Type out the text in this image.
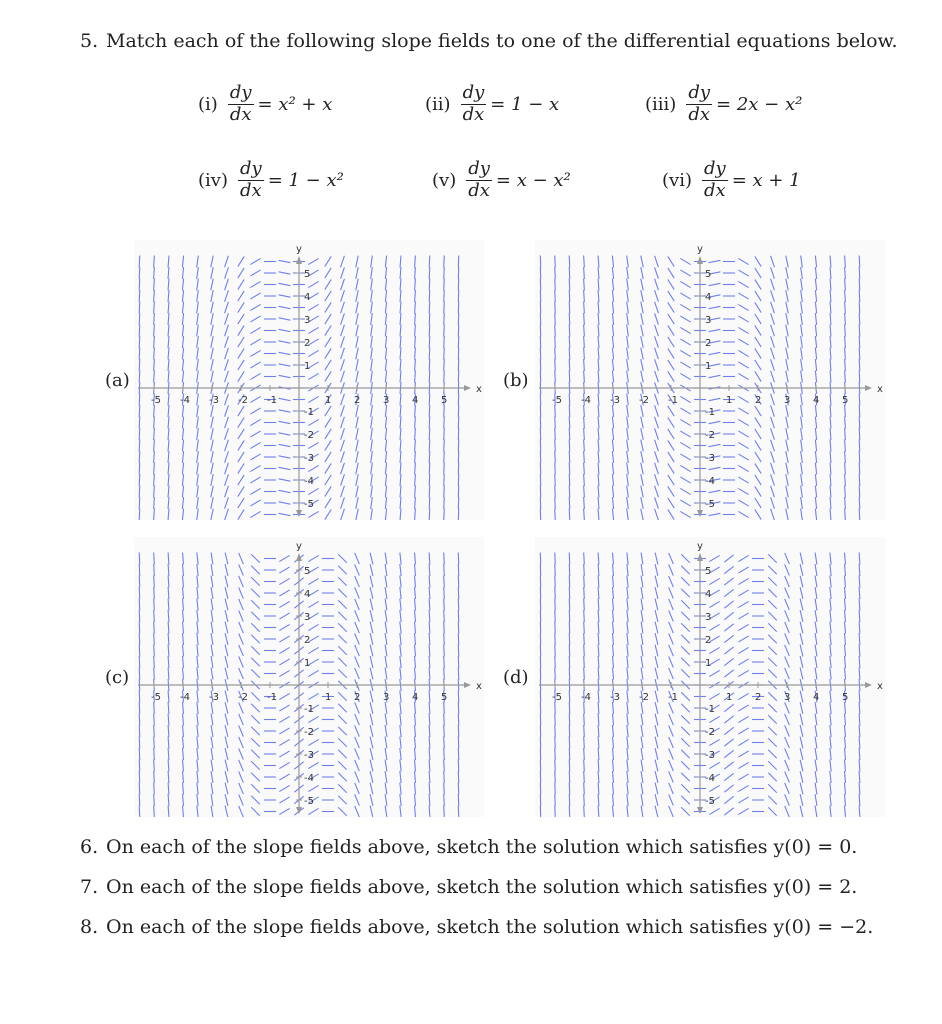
5. Match each of the following slope fields to one of the differential equations below.
$(i) \frac{dy}{dx} = x^2 + x$	$(ii) \frac{dy}{dx} = 1 - x$	$(iii) \frac{dy}{dx} = 2x - x^2$
$(iv) \frac{dy}{dx} = 1 - x^2$	$(v) \frac{dy}{dx} = x - x^2$	$(vi) \frac{dy}{dx} = x + 1$
(a)	(b)
(c)	(d)
x
y
-5
-5
-4
-4
-3
-3
-2
-2
-1
-1
1
1
2
2
3
3
4
4
5
5
x
y
-5
-5
-4
-4
-3
-3
-2
-2
-1
-1
1
1
2
2
3
3
4
4
5
5
x
y
-5
-5
-4
-4
-3
-3
-2
-2
-1
-1
1
1
2
2
3
3
4
4
5
5
x
y
-5
-5
-4
-4
-3
-3
-2
-2
-1
-1
1
1
2
2
3
3
4
4
5
5
6. On each of the slope fields above, sketch the solution which satisfies y(0) = 0.
7. On each of the slope fields above, sketch the solution which satisfies y(0) = 2.
8. On each of the slope fields above, sketch the solution which satisfies y(0) = −2.
